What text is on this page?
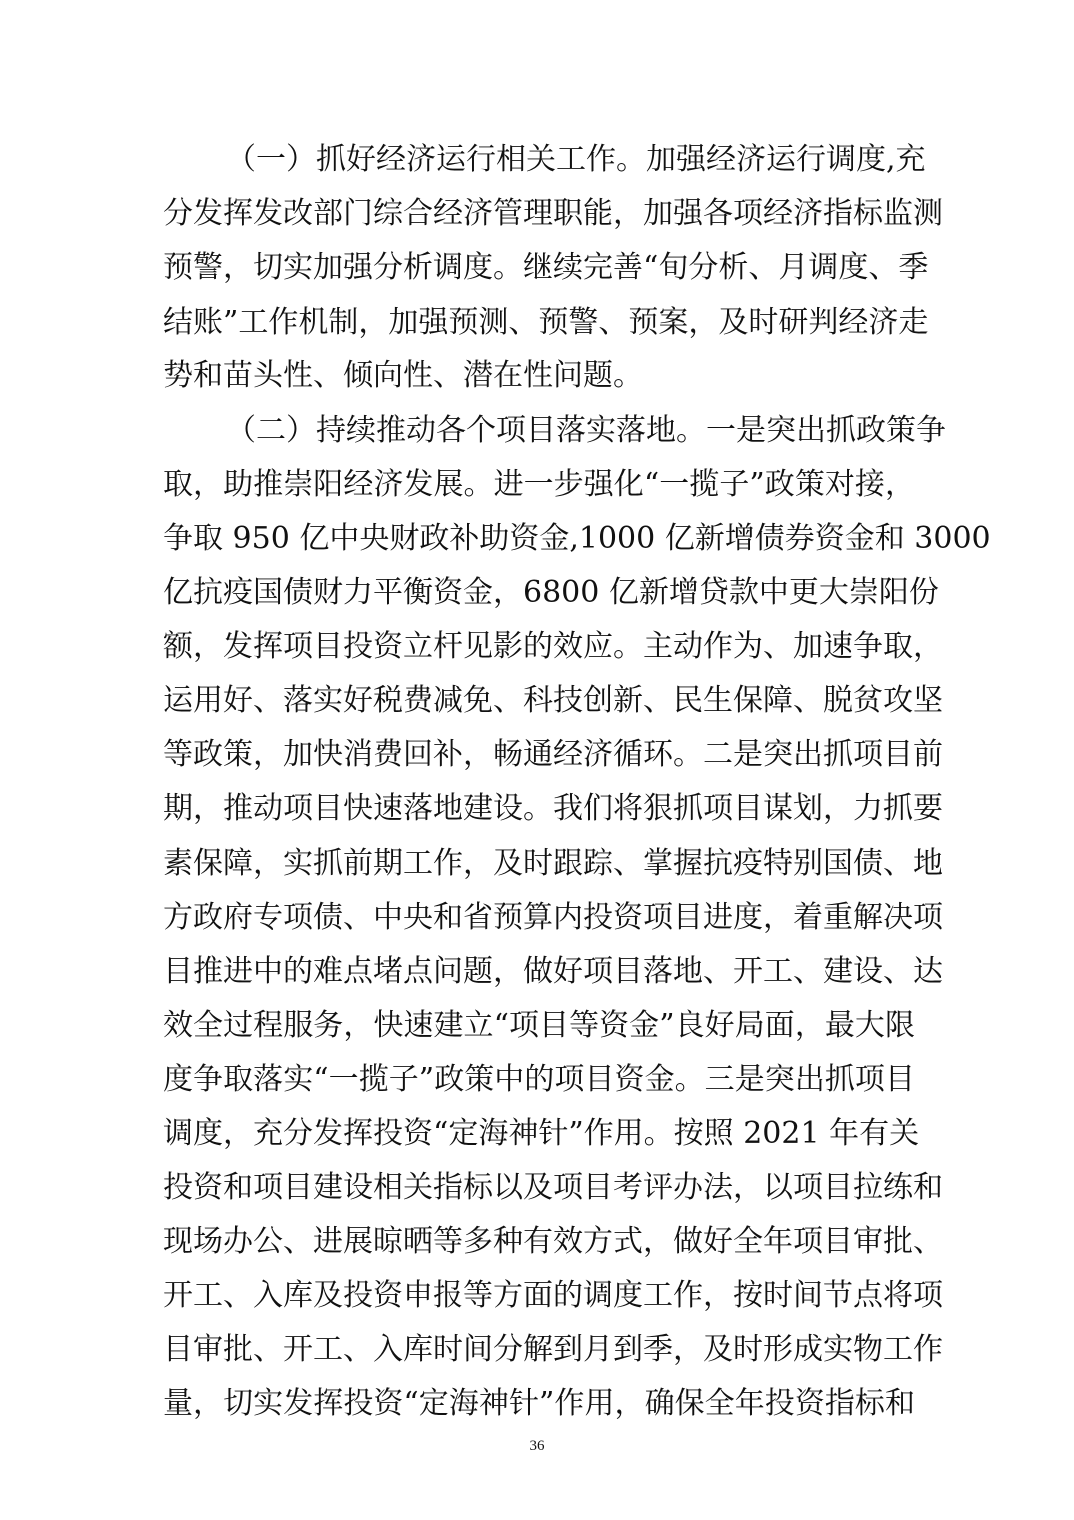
（一）抓好经济运行相关工作。加强经济运行调度,充
分发挥发改部门综合经济管理职能，加强各项经济指标监测
预警，切实加强分析调度。继续完善“旬分析、月调度、季
结账”工作机制，加强预测、预警、预案，及时研判经济走
势和苗头性、倾向性、潜在性问题。
（二）持续推动各个项目落实落地。一是突出抓政策争
取，助推崇阳经济发展。进一步强化“一揽子”政策对接，
争取 950 亿中央财政补助资金,1000 亿新增债券资金和 3000
亿抗疫国债财力平衡资金，6800 亿新增贷款中更大崇阳份
额，发挥项目投资立杆见影的效应。主动作为、加速争取，
运用好、落实好税费减免、科技创新、民生保障、脱贫攻坚
等政策，加快消费回补，畅通经济循环。二是突出抓项目前
期，推动项目快速落地建设。我们将狠抓项目谋划，力抓要
素保障，实抓前期工作，及时跟踪、掌握抗疫特别国债、地
方政府专项债、中央和省预算内投资项目进度，着重解决项
目推进中的难点堵点问题，做好项目落地、开工、建设、达
效全过程服务，快速建立“项目等资金”良好局面，最大限
度争取落实“一揽子”政策中的项目资金。三是突出抓项目
调度，充分发挥投资“定海神针”作用。按照 2021 年有关
投资和项目建设相关指标以及项目考评办法，以项目拉练和
现场办公、进展晾晒等多种有效方式，做好全年项目审批、
开工、入库及投资申报等方面的调度工作，按时间节点将项
目审批、开工、入库时间分解到月到季，及时形成实物工作
量，切实发挥投资“定海神针”作用，确保全年投资指标和
36
